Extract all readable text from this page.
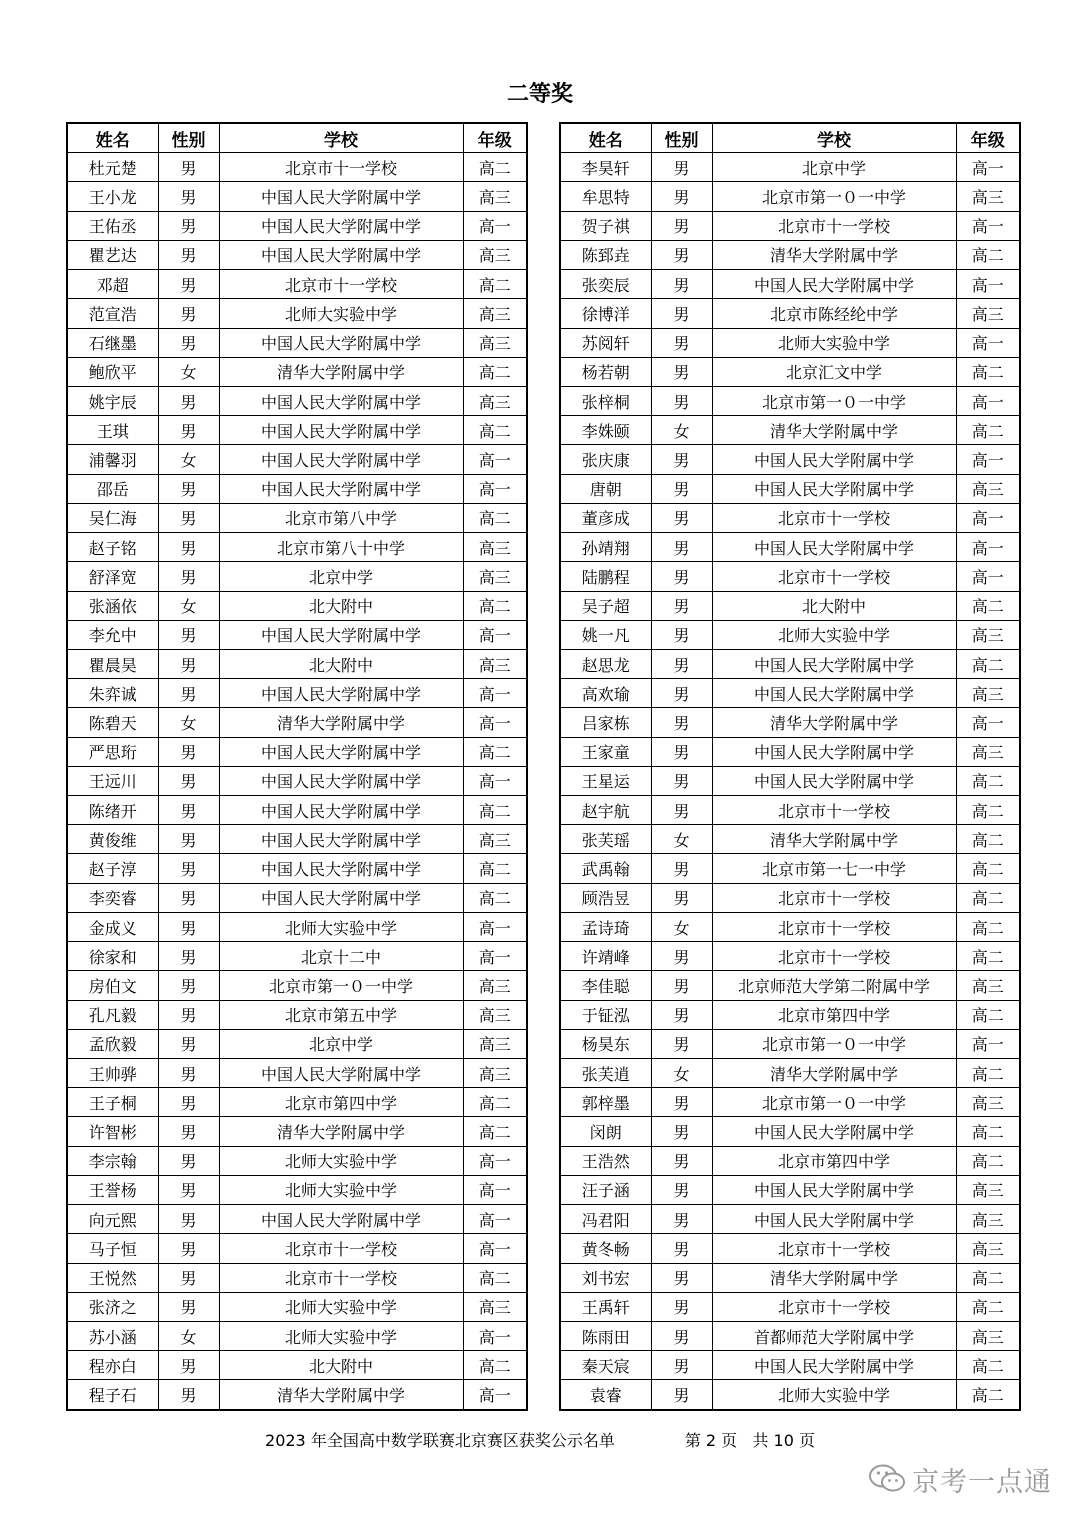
二等奖
姓名	性别	学校	年级
杜元楚	男	北京市十一学校	高二
王小龙	男	中国人民大学附属中学	高三
王佑丞	男	中国人民大学附属中学	高一
瞿艺达	男	中国人民大学附属中学	高三
邓超	男	北京市十一学校	高二
范宣浩	男	北师大实验中学	高三
石继墨	男	中国人民大学附属中学	高三
鲍欣平	女	清华大学附属中学	高二
姚宇辰	男	中国人民大学附属中学	高三
王琪	男	中国人民大学附属中学	高二
浦馨羽	女	中国人民大学附属中学	高一
邵岳	男	中国人民大学附属中学	高一
吴仁海	男	北京市第八中学	高二
赵子铭	男	北京市第八十中学	高三
舒泽宽	男	北京中学	高三
张涵依	女	北大附中	高二
李允中	男	中国人民大学附属中学	高一
瞿晨昊	男	北大附中	高三
朱弈诚	男	中国人民大学附属中学	高一
陈碧天	女	清华大学附属中学	高一
严思珩	男	中国人民大学附属中学	高二
王远川	男	中国人民大学附属中学	高一
陈绪开	男	中国人民大学附属中学	高二
黄俊维	男	中国人民大学附属中学	高三
赵子淳	男	中国人民大学附属中学	高二
李奕睿	男	中国人民大学附属中学	高二
金成义	男	北师大实验中学	高一
徐家和	男	北京十二中	高一
房伯文	男	北京市第一０一中学	高三
孔凡毅	男	北京市第五中学	高三
孟欣毅	男	北京中学	高三
王帅骅	男	中国人民大学附属中学	高三
王子桐	男	北京市第四中学	高二
许智彬	男	清华大学附属中学	高二
李宗翰	男	北师大实验中学	高一
王誉杨	男	北师大实验中学	高一
向元熙	男	中国人民大学附属中学	高一
马子恒	男	北京市十一学校	高一
王悦然	男	北京市十一学校	高二
张济之	男	北师大实验中学	高三
苏小涵	女	北师大实验中学	高一
程亦白	男	北大附中	高二
程子石	男	清华大学附属中学	高一
姓名	性别	学校	年级
李昊轩	男	北京中学	高一
牟思特	男	北京市第一０一中学	高三
贺子祺	男	北京市十一学校	高一
陈郅垚	男	清华大学附属中学	高二
张奕辰	男	中国人民大学附属中学	高一
徐博洋	男	北京市陈经纶中学	高三
苏阅轩	男	北师大实验中学	高一
杨若朝	男	北京汇文中学	高二
张梓桐	男	北京市第一０一中学	高一
李姝颐	女	清华大学附属中学	高二
张庆康	男	中国人民大学附属中学	高一
唐朝	男	中国人民大学附属中学	高三
董彦成	男	北京市十一学校	高一
孙靖翔	男	中国人民大学附属中学	高一
陆鹏程	男	北京市十一学校	高一
吴子超	男	北大附中	高二
姚一凡	男	北师大实验中学	高三
赵思龙	男	中国人民大学附属中学	高二
高欢瑜	男	中国人民大学附属中学	高三
吕家栋	男	清华大学附属中学	高一
王家童	男	中国人民大学附属中学	高三
王星运	男	中国人民大学附属中学	高二
赵宇航	男	北京市十一学校	高二
张芙瑶	女	清华大学附属中学	高二
武禹翰	男	北京市第一七一中学	高二
顾浩昱	男	北京市十一学校	高二
孟诗琦	女	北京市十一学校	高二
许靖峰	男	北京市十一学校	高二
李佳聪	男	北京师范大学第二附属中学	高三
于钲泓	男	北京市第四中学	高二
杨昊东	男	北京市第一０一中学	高一
张芙逍	女	清华大学附属中学	高二
郭梓墨	男	北京市第一０一中学	高三
闵朗	男	中国人民大学附属中学	高二
王浩然	男	北京市第四中学	高二
汪子涵	男	中国人民大学附属中学	高三
冯君阳	男	中国人民大学附属中学	高三
黄冬畅	男	北京市十一学校	高三
刘书宏	男	清华大学附属中学	高二
王禹轩	男	北京市十一学校	高二
陈雨田	男	首都师范大学附属中学	高三
秦天宸	男	中国人民大学附属中学	高二
袁睿	男	北师大实验中学	高二
2023 年全国高中数学联赛北京赛区获奖公示名单	第 2 页   共 10 页
京考一点通
